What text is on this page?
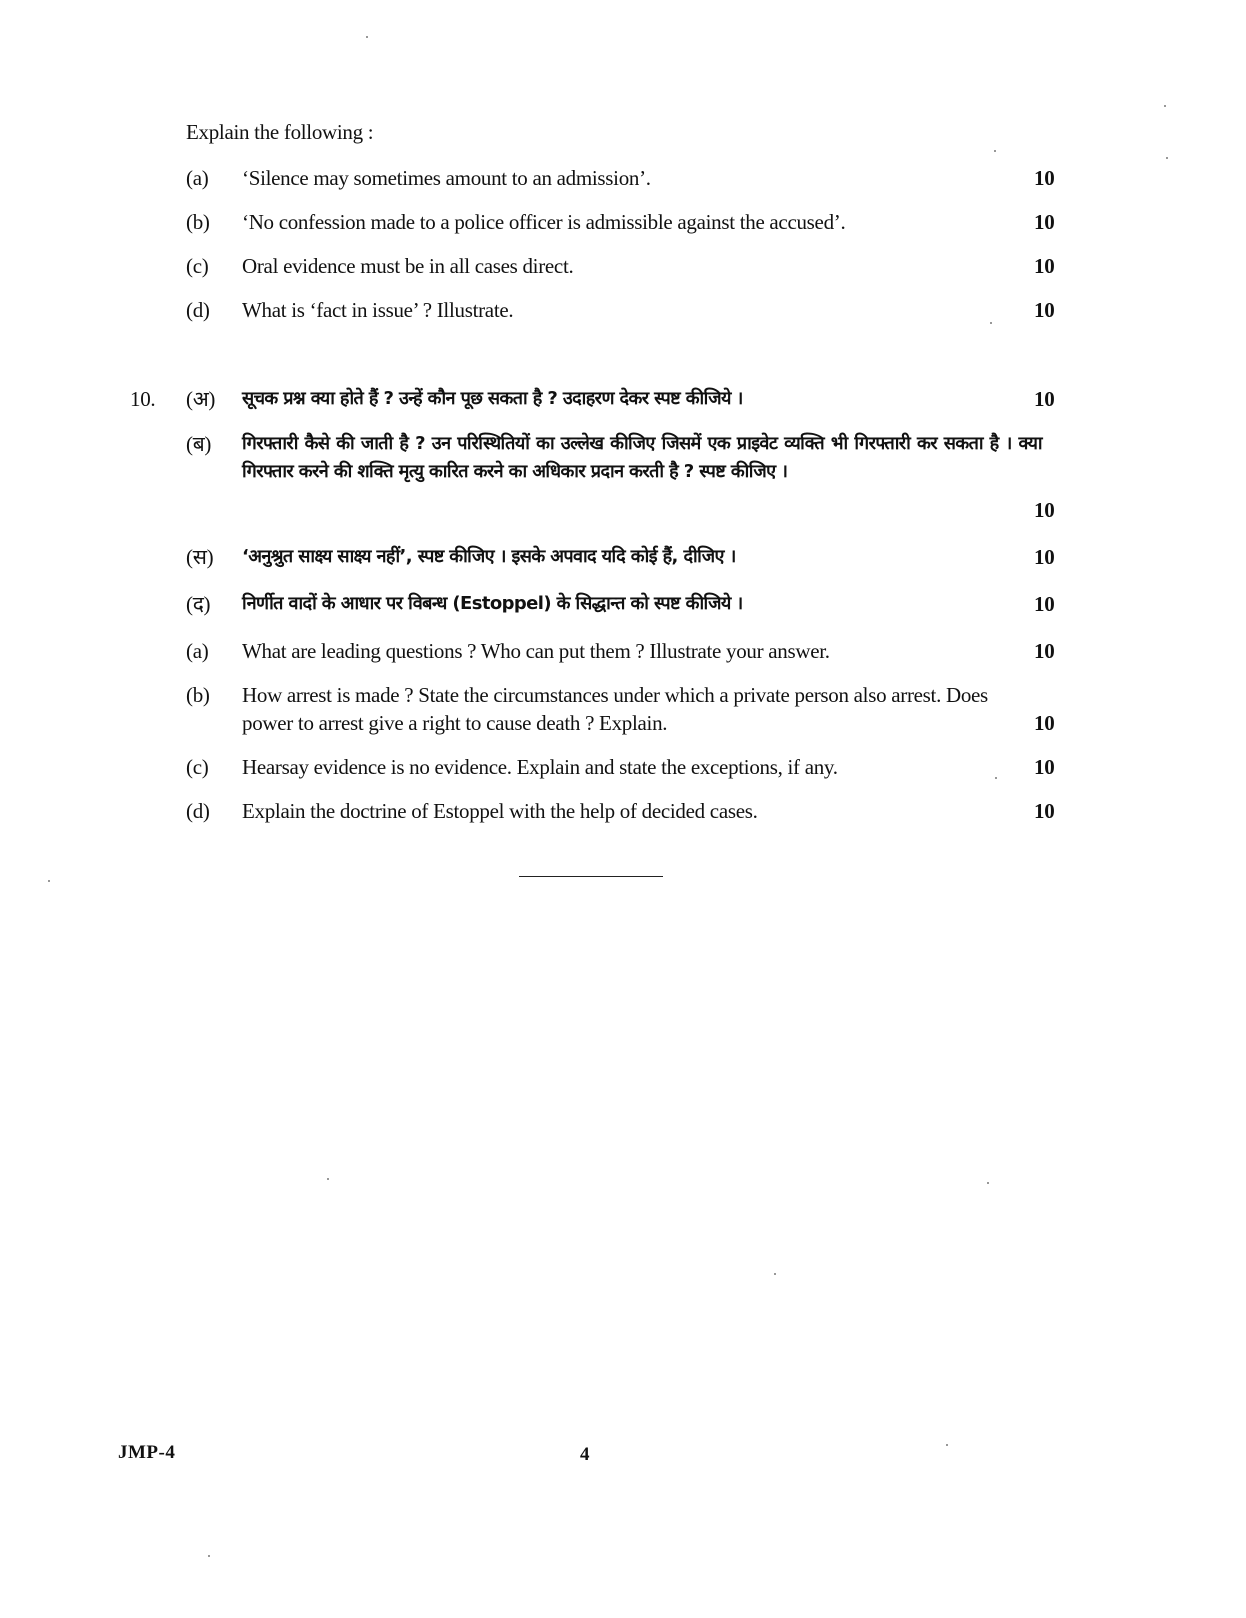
Explain the following :
(a) ‘Silence may sometimes amount to an admission’.	10
(b) ‘No confession made to a police officer is admissible against the accused’.	10
(c) Oral evidence must be in all cases direct.	10
(d) What is ‘fact in issue’ ? Illustrate.	10
10. (अ) सूचक प्रश्न क्या होते हैं ? उन्हें कौन पूछ सकता है ? उदाहरण देकर स्पष्ट कीजिये ।	10
(ब) गिरफ्तारी कैसे की जाती है ? उन परिस्थितियों का उल्लेख कीजिए जिसमें एक प्राइवेट व्यक्ति भी गिरफ्तारी कर सकता है । क्या गिरफ्तार करने की शक्ति मृत्यु कारित करने का अधिकार प्रदान करती है ? स्पष्ट कीजिए ।
10
(स) ‘अनुश्रुत साक्ष्य साक्ष्य नहीं’, स्पष्ट कीजिए । इसके अपवाद यदि कोई हैं, दीजिए ।	10
(द) निर्णीत वादों के आधार पर विबन्ध (Estoppel) के सिद्धान्त को स्पष्ट कीजिये ।	10
(a) What are leading questions ? Who can put them ? Illustrate your answer.	10
(b) How arrest is made ? State the circumstances under which a private person also arrest. Does power to arrest give a right to cause death ? Explain.	10
(c) Hearsay evidence is no evidence. Explain and state the exceptions, if any.	10
(d) Explain the doctrine of Estoppel with the help of decided cases.	10
JMP-4	4
